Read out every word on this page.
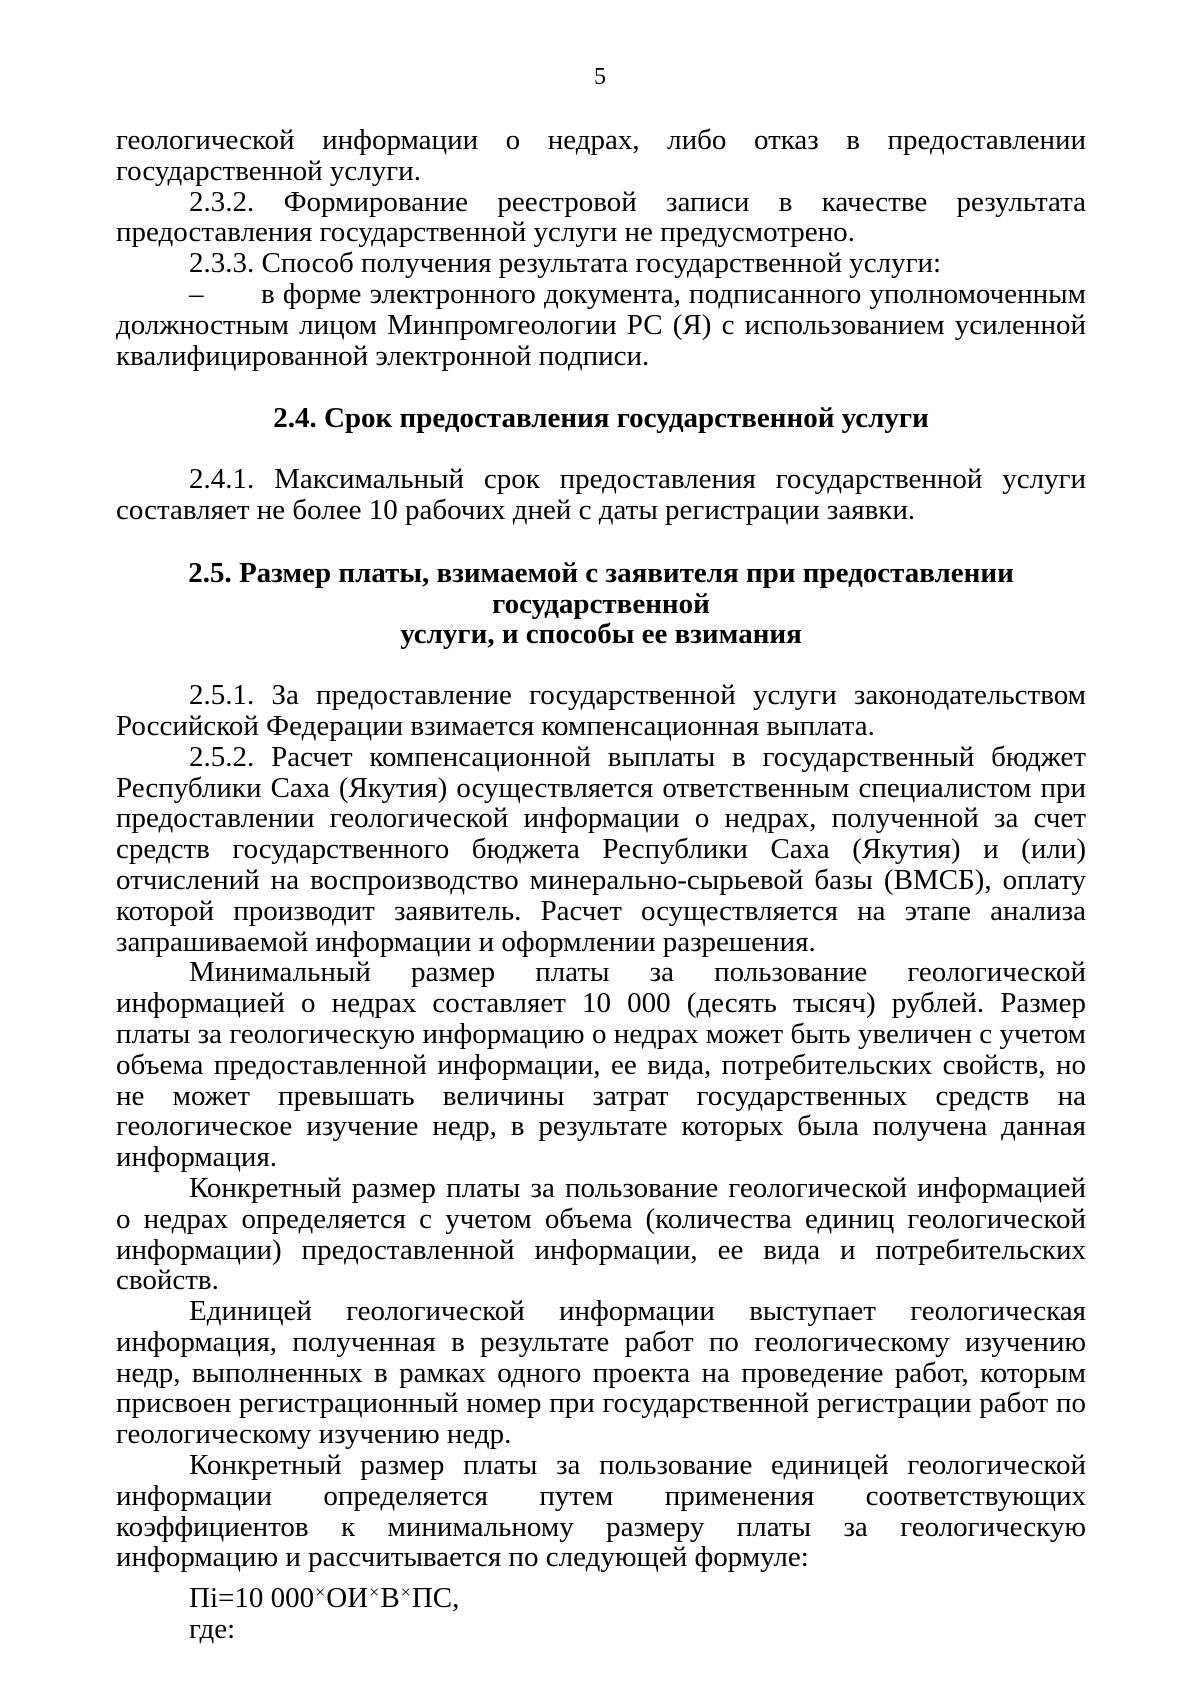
5

геологической информации о недрах, либо отказ в предоставлении государственной услуги.

2.3.2. Формирование реестровой записи в качестве результата предоставления государственной услуги не предусмотрено.

2.3.3. Способ получения результата государственной услуги:

– в форме электронного документа, подписанного уполномоченным должностным лицом Минпромгеологии РС (Я) с использованием усиленной квалифицированной электронной подписи.

2.4. Срок предоставления государственной услуги

2.4.1. Максимальный срок предоставления государственной услуги составляет не более 10 рабочих дней с даты регистрации заявки.

2.5. Размер платы, взимаемой с заявителя при предоставлении государственной
услуги, и способы ее взимания

2.5.1. За предоставление государственной услуги законодательством Российской Федерации взимается компенсационная выплата.

2.5.2. Расчет компенсационной выплаты в государственный бюджет Республики Саха (Якутия) осуществляется ответственным специалистом при предоставлении геологической информации о недрах, полученной за счет средств государственного бюджета Республики Саха (Якутия) и (или) отчислений на воспроизводство минерально-сырьевой базы (ВМСБ), оплату которой производит заявитель. Расчет осуществляется на этапе анализа запрашиваемой информации и оформлении разрешения.

Минимальный размер платы за пользование геологической информацией о недрах составляет 10 000 (десять тысяч) рублей. Размер платы за геологическую информацию о недрах может быть увеличен с учетом объема предоставленной информации, ее вида, потребительских свойств, но не может превышать величины затрат государственных средств на геологическое изучение недр, в результате которых была получена данная информация.

Конкретный размер платы за пользование геологической информацией о недрах определяется с учетом объема (количества единиц геологической информации) предоставленной информации, ее вида и потребительских свойств.

Единицей геологической информации выступает геологическая информация, полученная в результате работ по геологическому изучению недр, выполненных в рамках одного проекта на проведение работ, которым присвоен регистрационный номер при государственной регистрации работ по геологическому изучению недр.

Конкретный размер платы за пользование единицей геологической информации определяется путем применения соответствующих коэффициентов к минимальному размеру платы за геологическую информацию и рассчитывается по следующей формуле:

Пi=10 000×ОИ×В×ПС,

где:
